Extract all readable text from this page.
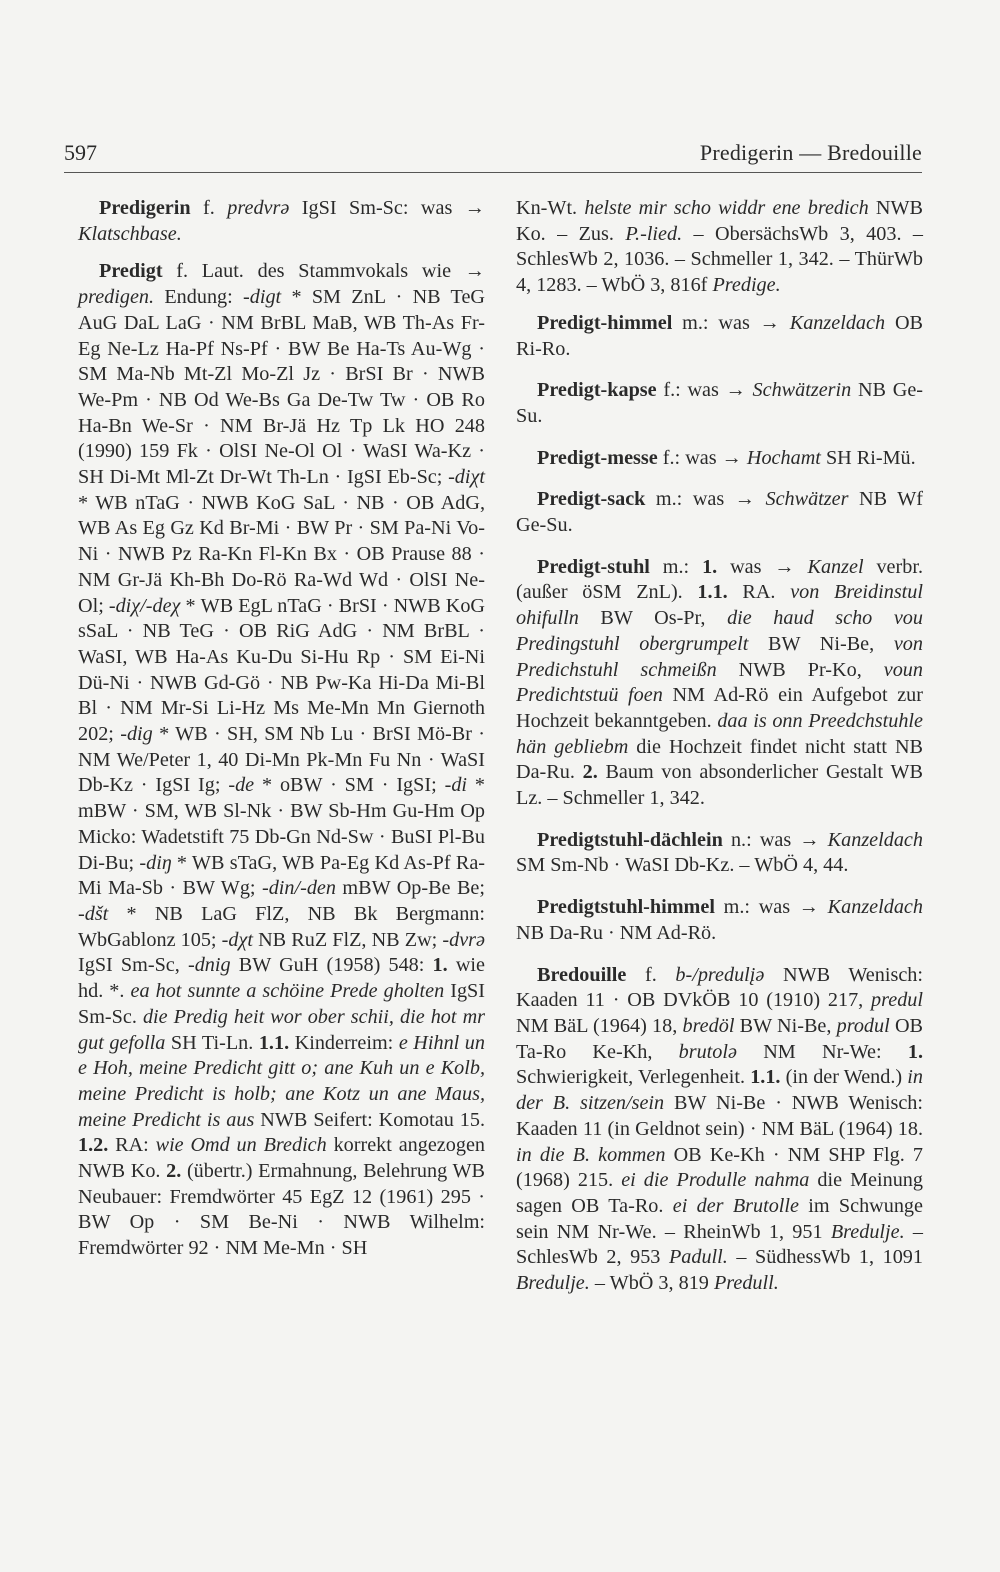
597	Predigerin — Bredouille

Predigerin f. predvrə IgSI Sm-Sc: was → Klatschbase.

Predigt f. Laut. des Stammvokals wie → predigen. Endung: -digt * SM ZnL · NB TeG AuG DaL LaG · NM BrBL MaB, WB Th-As Fr-Eg Ne-Lz Ha-Pf Ns-Pf · BW Be Ha-Ts Au-Wg · SM Ma-Nb Mt-Zl Mo-Zl Jz · BrSI Br · NWB We-Pm · NB Od We-Bs Ga De-Tw Tw · OB Ro Ha-Bn We-Sr · NM Br-Jä Hz Tp Lk HO 248 (1990) 159 Fk · OlSI Ne-Ol Ol · WaSI Wa-Kz · SH Di-Mt Ml-Zt Dr-Wt Th-Ln · IgSI Eb-Sc; -diχt * WB nTaG · NWB KoG SaL · NB · OB AdG, WB As Eg Gz Kd Br-Mi · BW Pr · SM Pa-Ni Vo-Ni · NWB Pz Ra-Kn Fl-Kn Bx · OB Prause 88 · NM Gr-Jä Kh-Bh Do-Rö Ra-Wd Wd · OlSI Ne-Ol; -diχ/-deχ * WB EgL nTaG · BrSI · NWB KoG sSaL · NB TeG · OB RiG AdG · NM BrBL · WaSI, WB Ha-As Ku-Du Si-Hu Rp · SM Ei-Ni Dü-Ni · NWB Gd-Gö · NB Pw-Ka Hi-Da Mi-Bl Bl · NM Mr-Si Li-Hz Ms Me-Mn Mn Giernoth 202; -dig * WB · SH, SM Nb Lu · BrSI Mö-Br · NM We/Peter 1, 40 Di-Mn Pk-Mn Fu Nn · WaSI Db-Kz · IgSI Ig; -de * oBW · SM · IgSI; -di * mBW · SM, WB Sl-Nk · BW Sb-Hm Gu-Hm Op Micko: Wadetstift 75 Db-Gn Nd-Sw · BuSI Pl-Bu Di-Bu; -diŋ * WB sTaG, WB Pa-Eg Kd As-Pf Ra-Mi Ma-Sb · BW Wg; -din/-den mBW Op-Be Be; -dšt * NB LaG FlZ, NB Bk Bergmann: WbGablonz 105; -dχt NB RuZ FlZ, NB Zw; -dvrə IgSI Sm-Sc, -dnig BW GuH (1958) 548: 1. wie hd. *. ea hot sunnte a schöine Prede gholten IgSI Sm-Sc. die Predig heit wor ober schii, die hot mr gut gefolla SH Ti-Ln. 1.1. Kinderreim: e Hihnl un e Hoh, meine Predicht gitt o; ane Kuh un e Kolb, meine Predicht is holb; ane Kotz un ane Maus, meine Predicht is aus NWB Seifert: Komotau 15. 1.2. RA: wie Omd un Bredich korrekt angezogen NWB Ko. 2. (übertr.) Ermahnung, Belehrung WB Neubauer: Fremdwörter 45 EgZ 12 (1961) 295 · BW Op · SM Be-Ni · NWB Wilhelm: Fremdwörter 92 · NM Me-Mn · SH

Kn-Wt. helste mir scho widdr ene bredich NWB Ko. – Zus. P.-lied. – ObersächsWb 3, 403. – SchlesWb 2, 1036. – Schmeller 1, 342. – ThürWb 4, 1283. – WbÖ 3, 816f Predige.

Predigt-himmel m.: was → Kanzeldach OB Ri-Ro.

Predigt-kapse f.: was → Schwätzerin NB Ge-Su.

Predigt-messe f.: was → Hochamt SH Ri-Mü.

Predigt-sack m.: was → Schwätzer NB Wf Ge-Su.

Predigt-stuhl m.: 1. was → Kanzel verbr. (außer öSM ZnL). 1.1. RA. von Breidinstul ohifulln BW Os-Pr, die haud scho vou Predingstuhl obergrumpelt BW Ni-Be, von Predichstuhl schmeißn NWB Pr-Ko, voun Predichtstuü foen NM Ad-Rö ein Aufgebot zur Hochzeit bekanntgeben. daa is onn Preedchstuhle hän gebliebm die Hochzeit findet nicht statt NB Da-Ru. 2. Baum von absonderlicher Gestalt WB Lz. – Schmeller 1, 342.

Predigtstuhl-dächlein n.: was → Kanzeldach SM Sm-Nb · WaSI Db-Kz. – WbÖ 4, 44.

Predigtstuhl-himmel m.: was → Kanzeldach NB Da-Ru · NM Ad-Rö.

Bredouille f. b-/predulįə NWB Wenisch: Kaaden 11 · OB DVkÖB 10 (1910) 217, predul NM BäL (1964) 18, bredöl BW Ni-Be, produl OB Ta-Ro Ke-Kh, brutolə NM Nr-We: 1. Schwierigkeit, Verlegenheit. 1.1. (in der Wend.) in der B. sitzen/sein BW Ni-Be · NWB Wenisch: Kaaden 11 (in Geldnot sein) · NM BäL (1964) 18. in die B. kommen OB Ke-Kh · NM SHP Flg. 7 (1968) 215. ei die Produlle nahma die Meinung sagen OB Ta-Ro. ei der Brutolle im Schwunge sein NM Nr-We. – RheinWb 1, 951 Bredulje. – SchlesWb 2, 953 Padull. – SüdhessWb 1, 1091 Bredulje. – WbÖ 3, 819 Predull.
